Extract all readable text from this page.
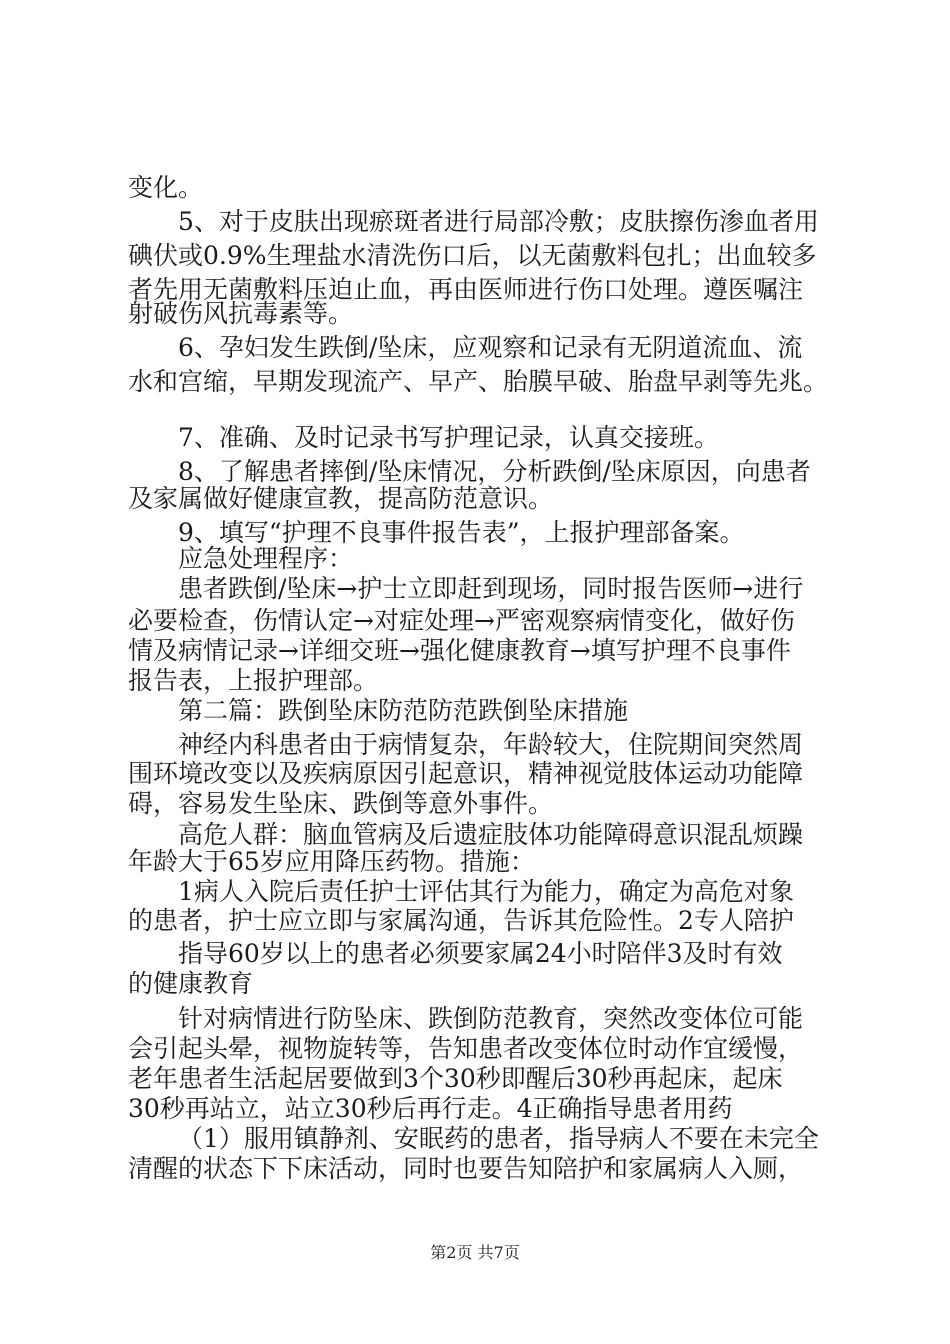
变化。

5、对于皮肤出现瘀斑者进行局部冷敷；皮肤擦伤渗血者用

碘伏或0.9%生理盐水清洗伤口后，以无菌敷料包扎；出血较多

者先用无菌敷料压迫止血，再由医师进行伤口处理。遵医嘱注

射破伤风抗毒素等。

6、孕妇发生跌倒/坠床，应观察和记录有无阴道流血、流

水和宫缩，早期发现流产、早产、胎膜早破、胎盘早剥等先兆。

7、准确、及时记录书写护理记录，认真交接班。

8、了解患者摔倒/坠床情况，分析跌倒/坠床原因，向患者

及家属做好健康宣教，提高防范意识。

9、填写“护理不良事件报告表”，上报护理部备案。

应急处理程序：

患者跌倒/坠床→护士立即赶到现场，同时报告医师→进行

必要检查，伤情认定→对症处理→严密观察病情变化，做好伤

情及病情记录→详细交班→强化健康教育→填写护理不良事件

报告表，上报护理部。

第二篇：跌倒坠床防范防范跌倒坠床措施

神经内科患者由于病情复杂，年龄较大，住院期间突然周

围环境改变以及疾病原因引起意识，精神视觉肢体运动功能障

碍，容易发生坠床、跌倒等意外事件。

高危人群：脑血管病及后遗症肢体功能障碍意识混乱烦躁

年龄大于65岁应用降压药物。措施：

1病人入院后责任护士评估其行为能力，确定为高危对象

的患者，护士应立即与家属沟通，告诉其危险性。2专人陪护

指导60岁以上的患者必须要家属24小时陪伴3及时有效

的健康教育

针对病情进行防坠床、跌倒防范教育，突然改变体位可能

会引起头晕，视物旋转等，告知患者改变体位时动作宜缓慢，

老年患者生活起居要做到3个30秒即醒后30秒再起床，起床

30秒再站立，站立30秒后再行走。4正确指导患者用药

（1）服用镇静剂、安眠药的患者，指导病人不要在未完全

清醒的状态下下床活动，同时也要告知陪护和家属病人入厕，

第2页 共7页
